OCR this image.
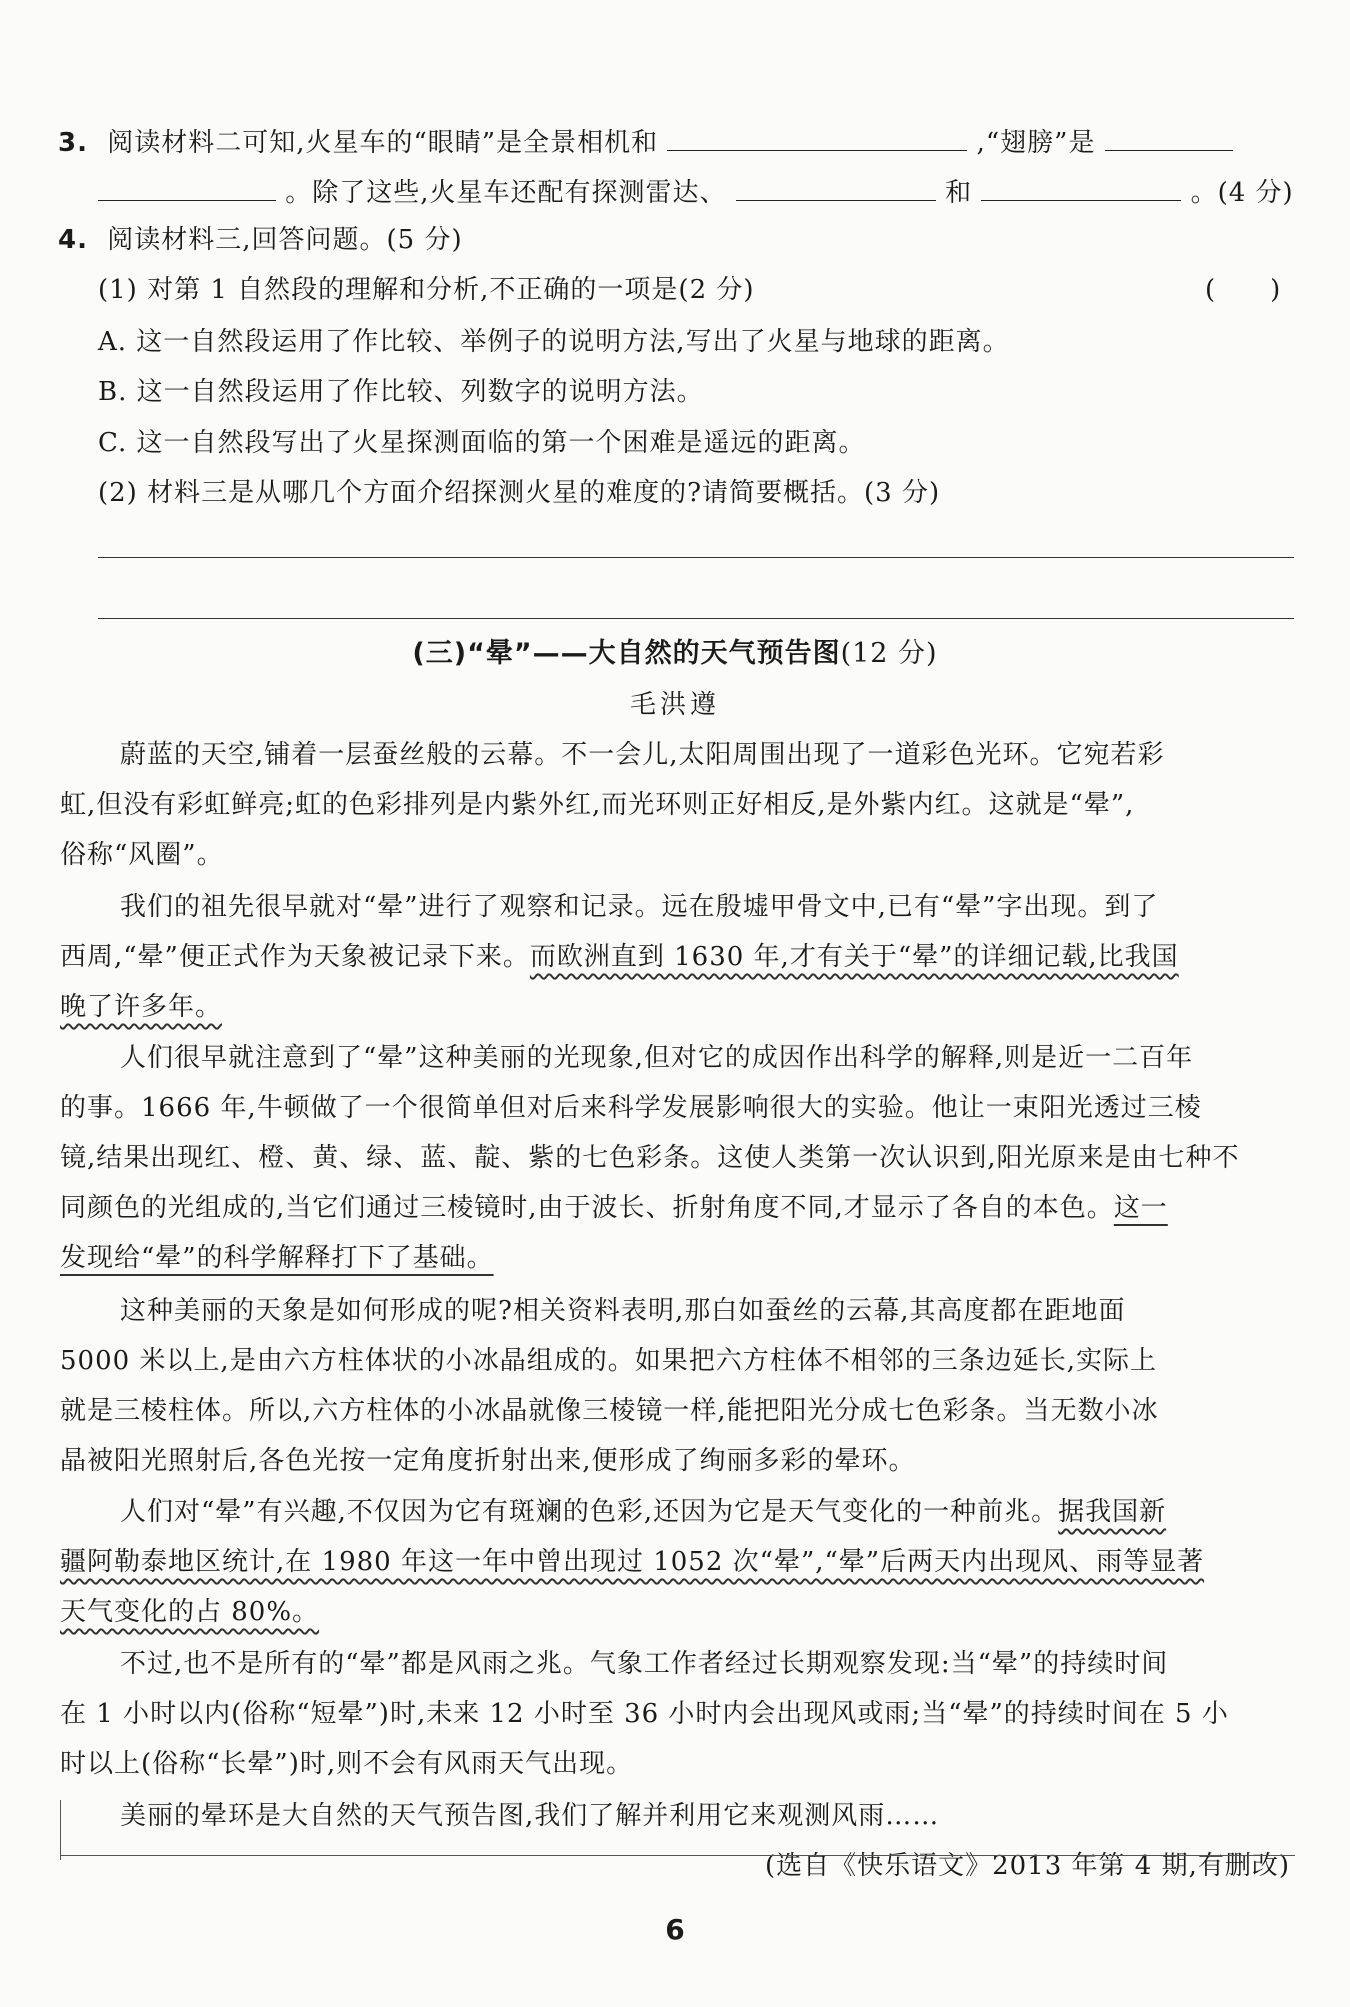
3. 阅读材料二可知,火星车的“眼睛”是全景相机和	,“翅膀”是
。除了这些,火星车还配有探测雷达、	和	。(4 分)
4. 阅读材料三,回答问题。(5 分)
(1) 对第 1 自然段的理解和分析,不正确的一项是(2 分)	(　　)
A. 这一自然段运用了作比较、举例子的说明方法,写出了火星与地球的距离。
B. 这一自然段运用了作比较、列数字的说明方法。
C. 这一自然段写出了火星探测面临的第一个困难是遥远的距离。
(2) 材料三是从哪几个方面介绍探测火星的难度的?请简要概括。(3 分)
(三)“晕”——大自然的天气预告图(12 分)
毛洪遵
蔚蓝的天空,铺着一层蚕丝般的云幕。不一会儿,太阳周围出现了一道彩色光环。它宛若彩
虹,但没有彩虹鲜亮;虹的色彩排列是内紫外红,而光环则正好相反,是外紫内红。这就是“晕”,
俗称“风圈”。
我们的祖先很早就对“晕”进行了观察和记录。远在殷墟甲骨文中,已有“晕”字出现。到了
西周,“晕”便正式作为天象被记录下来。而欧洲直到 1630 年,才有关于“晕”的详细记载,比我国
晚了许多年。
人们很早就注意到了“晕”这种美丽的光现象,但对它的成因作出科学的解释,则是近一二百年
的事。1666 年,牛顿做了一个很简单但对后来科学发展影响很大的实验。他让一束阳光透过三棱
镜,结果出现红、橙、黄、绿、蓝、靛、紫的七色彩条。这使人类第一次认识到,阳光原来是由七种不
同颜色的光组成的,当它们通过三棱镜时,由于波长、折射角度不同,才显示了各自的本色。这一
发现给“晕”的科学解释打下了基础。
这种美丽的天象是如何形成的呢?相关资料表明,那白如蚕丝的云幕,其高度都在距地面
5000 米以上,是由六方柱体状的小冰晶组成的。如果把六方柱体不相邻的三条边延长,实际上
就是三棱柱体。所以,六方柱体的小冰晶就像三棱镜一样,能把阳光分成七色彩条。当无数小冰
晶被阳光照射后,各色光按一定角度折射出来,便形成了绚丽多彩的晕环。
人们对“晕”有兴趣,不仅因为它有斑斓的色彩,还因为它是天气变化的一种前兆。据我国新
疆阿勒泰地区统计,在 1980 年这一年中曾出现过 1052 次“晕”,“晕”后两天内出现风、雨等显著
天气变化的占 80%。
不过,也不是所有的“晕”都是风雨之兆。气象工作者经过长期观察发现:当“晕”的持续时间
在 1 小时以内(俗称“短晕”)时,未来 12 小时至 36 小时内会出现风或雨;当“晕”的持续时间在 5 小
时以上(俗称“长晕”)时,则不会有风雨天气出现。
美丽的晕环是大自然的天气预告图,我们了解并利用它来观测风雨……
(选自《快乐语文》2013 年第 4 期,有删改)
6
